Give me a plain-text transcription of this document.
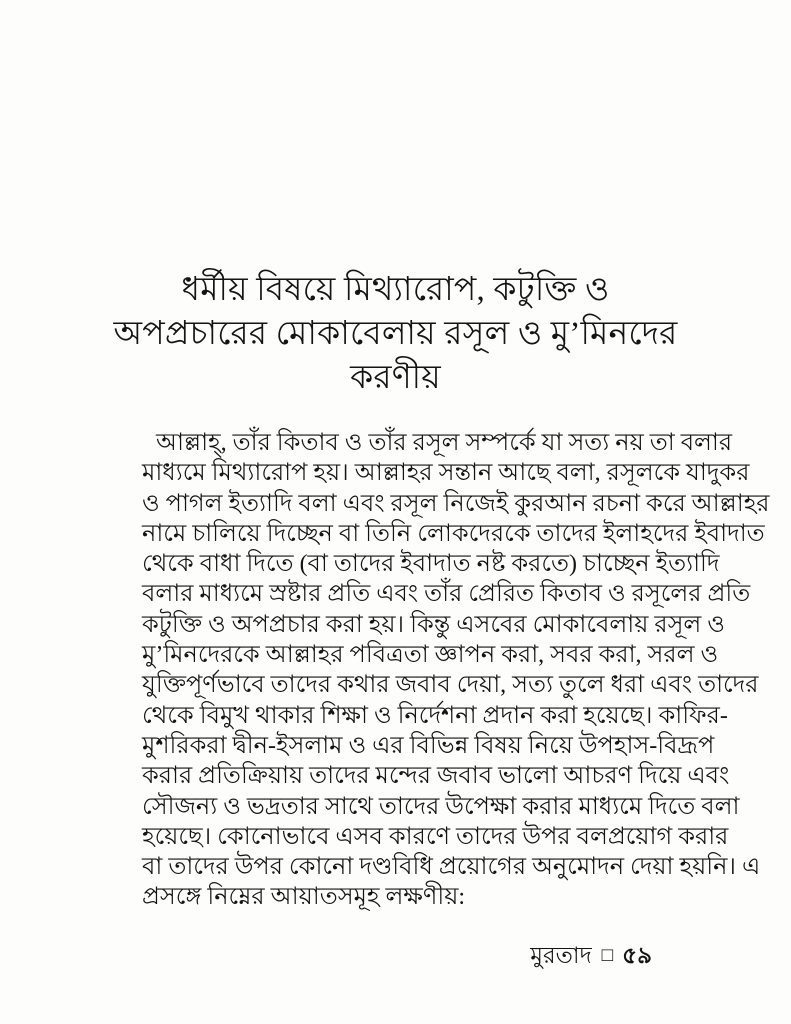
ধর্মীয় বিষয়ে মিথ্যারোপ, কটুক্তি ও
অপপ্রচারের মোকাবেলায় রসূল ও মু’মিনদের
করণীয়
আল্লাহ্‌, তাঁর কিতাব ও তাঁর রসূল সম্পর্কে যা সত্য নয় তা বলার
মাধ্যমে মিথ্যারোপ হয়। আল্লাহর সন্তান আছে বলা, রসূলকে যাদুকর
ও পাগল ইত্যাদি বলা এবং রসূল নিজেই কুরআন রচনা করে আল্লাহর
নামে চালিয়ে দিচ্ছেন বা তিনি লোকদেরকে তাদের ইলাহদের ইবাদাত
থেকে বাধা দিতে (বা তাদের ইবাদাত নষ্ট করতে) চাচ্ছেন ইত্যাদি
বলার মাধ্যমে স্রষ্টার প্রতি এবং তাঁর প্রেরিত কিতাব ও রসূলের প্রতি
কটুক্তি ও অপপ্রচার করা হয়। কিন্তু এসবের মোকাবেলায় রসূল ও
মু’মিনদেরকে আল্লাহর পবিত্রতা জ্ঞাপন করা, সবর করা, সরল ও
যুক্তিপূর্ণভাবে তাদের কথার জবাব দেয়া, সত্য তুলে ধরা এবং তাদের
থেকে বিমুখ থাকার শিক্ষা ও নির্দেশনা প্রদান করা হয়েছে। কাফির-
মুশরিকরা দ্বীন-ইসলাম ও এর বিভিন্ন বিষয় নিয়ে উপহাস-বিদ্রূপ
করার প্রতিক্রিয়ায় তাদের মন্দের জবাব ভালো আচরণ দিয়ে এবং
সৌজন্য ও ভদ্রতার সাথে তাদের উপেক্ষা করার মাধ্যমে দিতে বলা
হয়েছে। কোনোভাবে এসব কারণে তাদের উপর বলপ্রয়োগ করার
বা তাদের উপর কোনো দণ্ডবিধি প্রয়োগের অনুমোদন দেয়া হয়নি। এ
প্রসঙ্গে নিম্নের আয়াতসমূহ লক্ষণীয়:
মুরতাদ □ ৫৯
